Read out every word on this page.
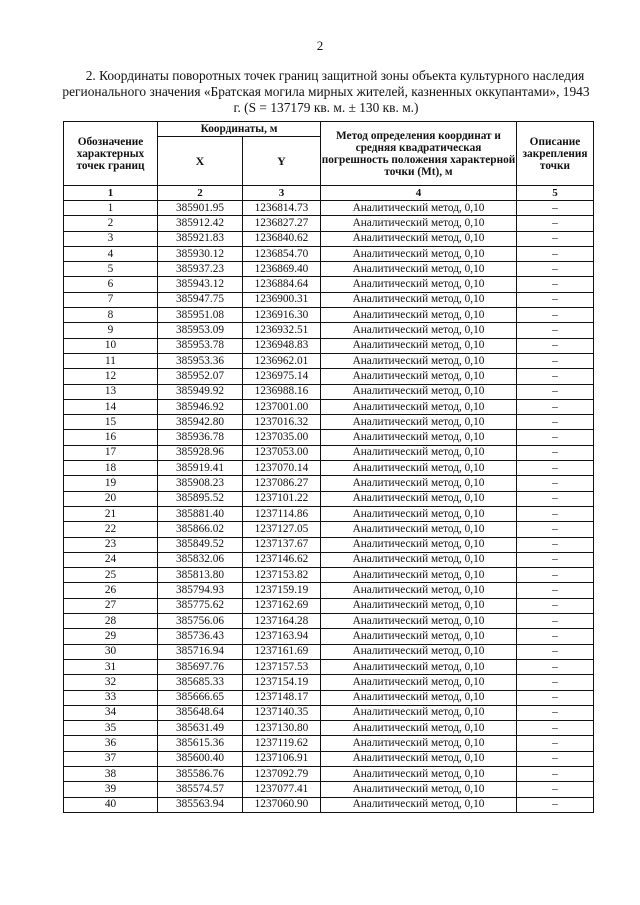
2
2. Координаты поворотных точек границ защитной зоны объекта культурного наследия регионального значения «Братская могила мирных жителей, казненных оккупантами», 1943 г. (S = 137179 кв. м. ± 130 кв. м.)
Обозначение характерных точек границ	Координаты, м		Метод определения координат и средняя квадратическая погрешность положения характерной точки (Mt), м	Описание закрепления точки
	X	Y		
1	2	3	4	5
1	385901.95	1236814.73	Аналитический метод, 0,10	–
2	385912.42	1236827.27	Аналитический метод, 0,10	–
3	385921.83	1236840.62	Аналитический метод, 0,10	–
4	385930.12	1236854.70	Аналитический метод, 0,10	–
5	385937.23	1236869.40	Аналитический метод, 0,10	–
6	385943.12	1236884.64	Аналитический метод, 0,10	–
7	385947.75	1236900.31	Аналитический метод, 0,10	–
8	385951.08	1236916.30	Аналитический метод, 0,10	–
9	385953.09	1236932.51	Аналитический метод, 0,10	–
10	385953.78	1236948.83	Аналитический метод, 0,10	–
11	385953.36	1236962.01	Аналитический метод, 0,10	–
12	385952.07	1236975.14	Аналитический метод, 0,10	–
13	385949.92	1236988.16	Аналитический метод, 0,10	–
14	385946.92	1237001.00	Аналитический метод, 0,10	–
15	385942.80	1237016.32	Аналитический метод, 0,10	–
16	385936.78	1237035.00	Аналитический метод, 0,10	–
17	385928.96	1237053.00	Аналитический метод, 0,10	–
18	385919.41	1237070.14	Аналитический метод, 0,10	–
19	385908.23	1237086.27	Аналитический метод, 0,10	–
20	385895.52	1237101.22	Аналитический метод, 0,10	–
21	385881.40	1237114.86	Аналитический метод, 0,10	–
22	385866.02	1237127.05	Аналитический метод, 0,10	–
23	385849.52	1237137.67	Аналитический метод, 0,10	–
24	385832.06	1237146.62	Аналитический метод, 0,10	–
25	385813.80	1237153.82	Аналитический метод, 0,10	–
26	385794.93	1237159.19	Аналитический метод, 0,10	–
27	385775.62	1237162.69	Аналитический метод, 0,10	–
28	385756.06	1237164.28	Аналитический метод, 0,10	–
29	385736.43	1237163.94	Аналитический метод, 0,10	–
30	385716.94	1237161.69	Аналитический метод, 0,10	–
31	385697.76	1237157.53	Аналитический метод, 0,10	–
32	385685.33	1237154.19	Аналитический метод, 0,10	–
33	385666.65	1237148.17	Аналитический метод, 0,10	–
34	385648.64	1237140.35	Аналитический метод, 0,10	–
35	385631.49	1237130.80	Аналитический метод, 0,10	–
36	385615.36	1237119.62	Аналитический метод, 0,10	–
37	385600.40	1237106.91	Аналитический метод, 0,10	–
38	385586.76	1237092.79	Аналитический метод, 0,10	–
39	385574.57	1237077.41	Аналитический метод, 0,10	–
40	385563.94	1237060.90	Аналитический метод, 0,10	–
